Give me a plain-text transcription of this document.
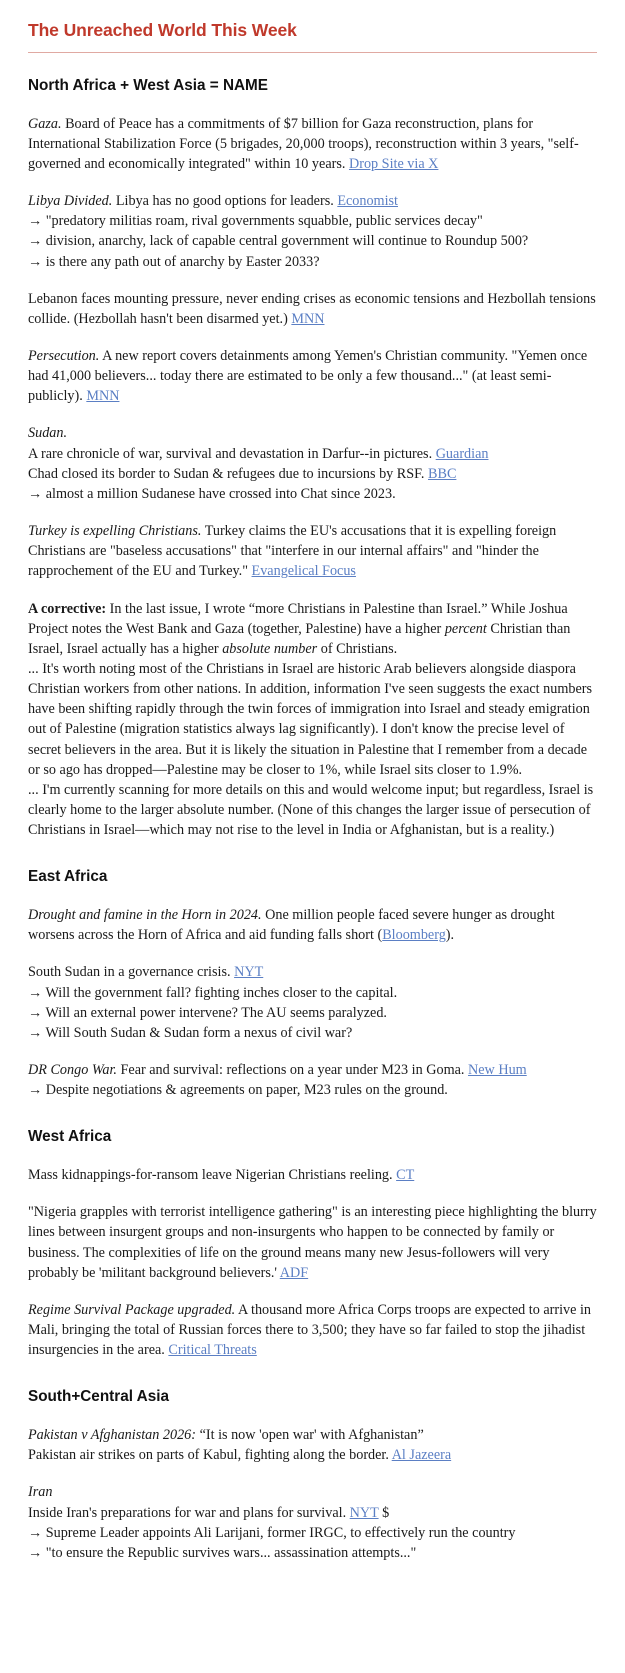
The Unreached World This Week
North Africa + West Asia = NAME

Gaza. Board of Peace has a commitments of $7 billion for Gaza reconstruction, plans for International Stabilization Force (5 brigades, 20,000 troops), reconstruction within 3 years, "self-governed and economically integrated" within 10 years. Drop Site via X

Libya Divided. Libya has no good options for leaders. Economist

→ "predatory militias roam, rival governments squabble, public services decay"

→ division, anarchy, lack of capable central government will continue to Roundup 500?

→ is there any path out of anarchy by Easter 2033?

Lebanon faces mounting pressure, never ending crises as economic tensions and Hezbollah tensions collide. (Hezbollah hasn't been disarmed yet.) MNN

Persecution. A new report covers detainments among Yemen's Christian community. "Yemen once had 41,000 believers... today there are estimated to be only a few thousand..." (at least semi-publicly). MNN

Sudan.

A rare chronicle of war, survival and devastation in Darfur--in pictures. Guardian

Chad closed its border to Sudan & refugees due to incursions by RSF. BBC

→ almost a million Sudanese have crossed into Chat since 2023.

Turkey is expelling Christians. Turkey claims the EU's accusations that it is expelling foreign Christians are "baseless accusations" that "interfere in our internal affairs" and "hinder the rapprochement of the EU and Turkey." Evangelical Focus

A corrective: In the last issue, I wrote “more Christians in Palestine than Israel.” While Joshua Project notes the West Bank and Gaza (together, Palestine) have a higher percent Christian than Israel, Israel actually has a higher absolute number of Christians.

... It's worth noting most of the Christians in Israel are historic Arab believers alongside diaspora Christian workers from other nations. In addition, information I've seen suggests the exact numbers have been shifting rapidly through the twin forces of immigration into Israel and steady emigration out of Palestine (migration statistics always lag significantly). I don't know the precise level of secret believers in the area. But it is likely the situation in Palestine that I remember from a decade or so ago has dropped—Palestine may be closer to 1%, while Israel sits closer to 1.9%.

... I'm currently scanning for more details on this and would welcome input; but regardless, Israel is clearly home to the larger absolute number. (None of this changes the larger issue of persecution of Christians in Israel—which may not rise to the level in India or Afghanistan, but is a reality.)

East Africa

Drought and famine in the Horn in 2024. One million people faced severe hunger as drought worsens across the Horn of Africa and aid funding falls short (Bloomberg).

South Sudan in a governance crisis. NYT

→ Will the government fall? fighting inches closer to the capital.

→ Will an external power intervene? The AU seems paralyzed.

→ Will South Sudan & Sudan form a nexus of civil war?

DR Congo War. Fear and survival: reflections on a year under M23 in Goma. New Hum

→ Despite negotiations & agreements on paper, M23 rules on the ground.

West Africa

Mass kidnappings-for-ransom leave Nigerian Christians reeling. CT

"Nigeria grapples with terrorist intelligence gathering" is an interesting piece highlighting the blurry lines between insurgent groups and non-insurgents who happen to be connected by family or business. The complexities of life on the ground means many new Jesus-followers will very probably be 'militant background believers.' ADF

Regime Survival Package upgraded. A thousand more Africa Corps troops are expected to arrive in Mali, bringing the total of Russian forces there to 3,500; they have so far failed to stop the jihadist insurgencies in the area. Critical Threats

South+Central Asia

Pakistan v Afghanistan 2026: “It is now 'open war' with Afghanistan”

Pakistan air strikes on parts of Kabul, fighting along the border. Al Jazeera

Iran

Inside Iran's preparations for war and plans for survival. NYT $

→ Supreme Leader appoints Ali Larijani, former IRGC, to effectively run the country

→ "to ensure the Republic survives wars... assassination attempts..."
